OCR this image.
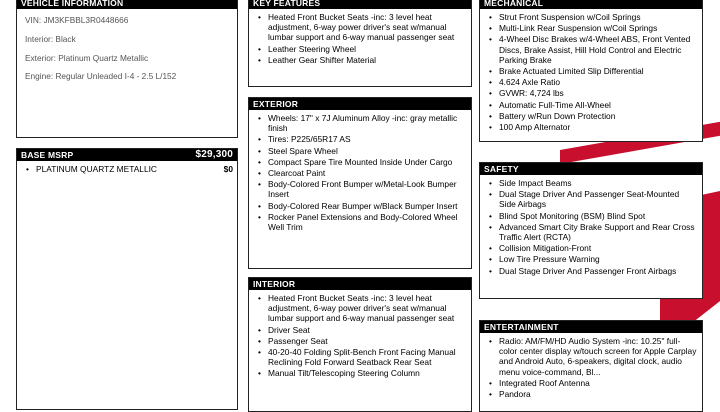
VEHICLE INFORMATION
VIN: JM3KFBBL3R0448666
Interior: Black
Exterior: Platinum Quartz Metallic
Engine: Regular Unleaded I-4 - 2.5 L/152
BASE MSRP	$29,300
• PLATINUM QUARTZ METALLIC	$0
KEY FEATURES
• Heated Front Bucket Seats -inc: 3 level heat adjustment, 6-way power driver's seat w/manual lumbar support and 6-way manual passenger seat
• Leather Steering Wheel
• Leather Gear Shifter Material
EXTERIOR
• Wheels: 17" x 7J Aluminum Alloy -inc: gray metallic finish
• Tires: P225/65R17 AS
• Steel Spare Wheel
• Compact Spare Tire Mounted Inside Under Cargo
• Clearcoat Paint
• Body-Colored Front Bumper w/Metal-Look Bumper Insert
• Body-Colored Rear Bumper w/Black Bumper Insert
• Rocker Panel Extensions and Body-Colored Wheel Well Trim
INTERIOR
• Heated Front Bucket Seats -inc: 3 level heat adjustment, 6-way power driver's seat w/manual lumbar support and 6-way manual passenger seat
• Driver Seat
• Passenger Seat
• 40-20-40 Folding Split-Bench Front Facing Manual Reclining Fold Forward Seatback Rear Seat
• Manual Tilt/Telescoping Steering Column
MECHANICAL
• Strut Front Suspension w/Coil Springs
• Multi-Link Rear Suspension w/Coil Springs
• 4-Wheel Disc Brakes w/4-Wheel ABS, Front Vented Discs, Brake Assist, Hill Hold Control and Electric Parking Brake
• Brake Actuated Limited Slip Differential
• 4.624 Axle Ratio
• GVWR: 4,724 lbs
• Automatic Full-Time All-Wheel
• Battery w/Run Down Protection
• 100 Amp Alternator
SAFETY
• Side Impact Beams
• Dual Stage Driver And Passenger Seat-Mounted Side Airbags
• Blind Spot Monitoring (BSM) Blind Spot
• Advanced Smart City Brake Support and Rear Cross Traffic Alert (RCTA)
• Collision Mitigation-Front
• Low Tire Pressure Warning
• Dual Stage Driver And Passenger Front Airbags
ENTERTAINMENT
• Radio: AM/FM/HD Audio System -inc: 10.25" full-color center display w/touch screen for Apple Carplay and Android Auto, 6-speakers, digital clock, audio menu voice-command, Bl...
• Integrated Roof Antenna
• Pandora
